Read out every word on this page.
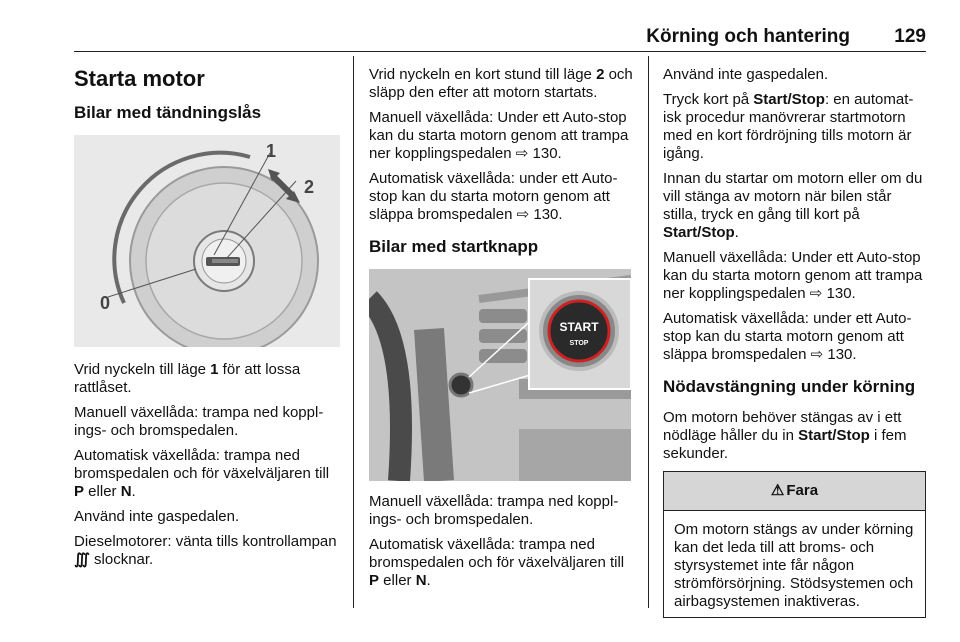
Körning och hantering	129
Starta motor
Bilar med tändningslås
0
1
2

Vrid nyckeln till läge 1 för att lossa rattlåset.

Manuell växellåda: trampa ned kopplings- och bromspedalen.

Automatisk växellåda: trampa ned bromspedalen och för växelväljaren till P eller N.

Använd inte gaspedalen.

Dieselmotorer: vänta tills kontrollampan ∭ slocknar.

Vrid nyckeln en kort stund till läge 2 och släpp den efter att motorn startats.

Manuell växellåda: Under ett Auto-stop kan du starta motorn genom att trampa ner kopplingspedalen ⇨ 130.

Automatisk växellåda: under ett Auto-stop kan du starta motorn genom att släppa bromspedalen ⇨ 130.

Bilar med startknapp
START
STOP

Manuell växellåda: trampa ned kopplings- och bromspedalen.

Automatisk växellåda: trampa ned bromspedalen och för växelväljaren till P eller N.

Använd inte gaspedalen.

Tryck kort på Start/Stop: en automat-isk procedur manövrerar startmotorn med en kort fördröjning tills motorn är igång.

Innan du startar om motorn eller om du vill stänga av motorn när bilen står stilla, tryck en gång till kort på Start/Stop.

Manuell växellåda: Under ett Auto-stop kan du starta motorn genom att trampa ner kopplingspedalen ⇨ 130.

Automatisk växellåda: under ett Auto-stop kan du starta motorn genom att släppa bromspedalen ⇨ 130.

Nödavstängning under körning

Om motorn behöver stängas av i ett nödläge håller du in Start/Stop i fem sekunder.

⚠ Fara

Om motorn stängs av under körning kan det leda till att broms- och styrsystemet inte får någon strömförsörjning. Stödsystemen och airbagsystemen inaktiveras.
